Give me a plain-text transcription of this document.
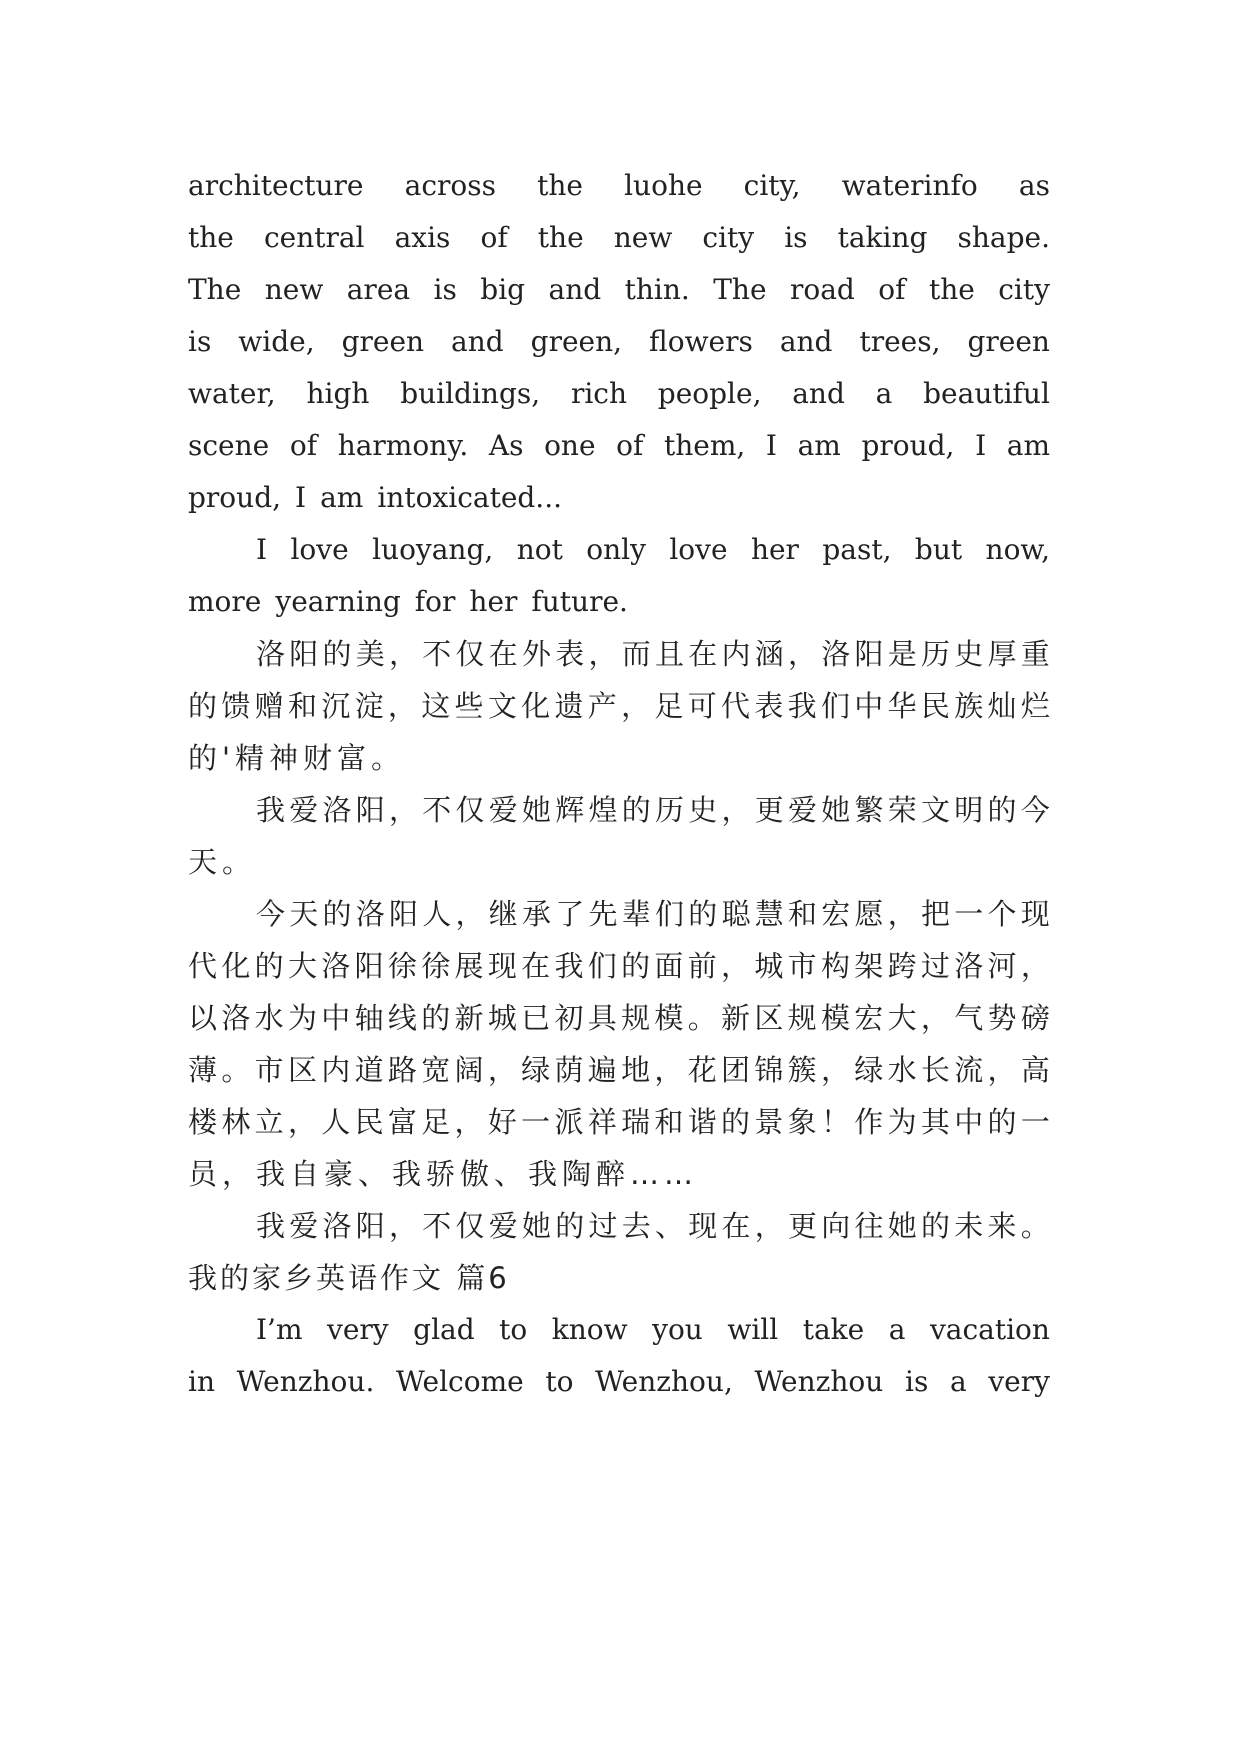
architecture across the luohe city, waterinfo as
the central axis of the new city is taking shape.
The new area is big and thin. The road of the city
is wide, green and green, flowers and trees, green
water, high buildings, rich people, and a beautiful
scene of harmony. As one of them, I am proud, I am
proud, I am intoxicated...
I love luoyang, not only love her past, but now,
more yearning for her future.
洛 阳 的 美 ， 不 仅 在 外 表 ， 而 且 在 内 涵 ， 洛 阳 是 历 史 厚 重
的 馈 赠 和 沉 淀 ， 这 些 文 化 遗 产 ， 足 可 代 表 我 们 中 华 民 族 灿 烂
的'精神财富。
我 爱 洛 阳 ， 不 仅 爱 她 辉 煌 的 历 史 ， 更 爱 她 繁 荣 文 明 的 今
天。
今 天 的 洛 阳 人 ， 继 承 了 先 辈 们 的 聪 慧 和 宏 愿 ， 把 一 个 现
代 化 的 大 洛 阳 徐 徐 展 现 在 我 们 的 面 前 ， 城 市 构 架 跨 过 洛 河 ，
以 洛 水 为 中 轴 线 的 新 城 已 初 具 规 模 。 新 区 规 模 宏 大 ， 气 势 磅
薄 。 市 区 内 道 路 宽 阔 ， 绿 荫 遍 地 ， 花 团 锦 簇 ， 绿 水 长 流 ， 高
楼 林 立 ， 人 民 富 足 ， 好 一 派 祥 瑞 和 谐 的 景 象 ！ 作 为 其 中 的 一
员，我自豪、我骄傲、我陶醉……
我 爱 洛 阳 ， 不 仅 爱 她 的 过 去 、 现 在 ， 更 向 往 她 的 未 来 。
我的家乡英语作文 篇6
I’m very glad to know you will take a vacation
in Wenzhou. Welcome to Wenzhou, Wenzhou is a very
